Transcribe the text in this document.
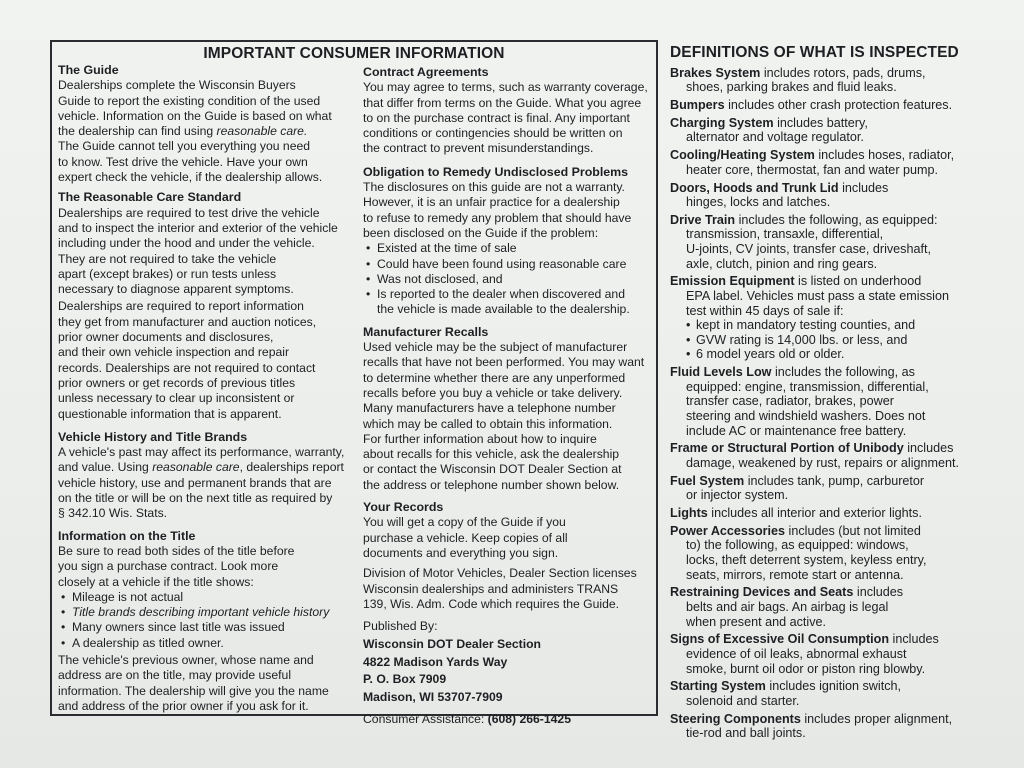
IMPORTANT CONSUMER INFORMATION

The Guide

Dealerships complete the Wisconsin Buyers

Guide to report the existing condition of the used

vehicle. Information on the Guide is based on what

the dealership can find using reasonable care.

The Guide cannot tell you everything you need

to know. Test drive the vehicle. Have your own

expert check the vehicle, if the dealership allows.

The Reasonable Care Standard

Dealerships are required to test drive the vehicle

and to inspect the interior and exterior of the vehicle

including under the hood and under the vehicle.

They are not required to take the vehicle

apart (except brakes) or run tests unless

necessary to diagnose apparent symptoms.

Dealerships are required to report information

they get from manufacturer and auction notices,

prior owner documents and disclosures,

and their own vehicle inspection and repair

records. Dealerships are not required to contact

prior owners or get records of previous titles

unless necessary to clear up inconsistent or

questionable information that is apparent.

Vehicle History and Title Brands

A vehicle's past may affect its performance, warranty,

and value. Using reasonable care, dealerships report

vehicle history, use and permanent brands that are

on the title or will be on the next title as required by

§ 342.10 Wis. Stats.

Information on the Title

Be sure to read both sides of the title before

you sign a purchase contract. Look more

closely at a vehicle if the title shows:

• Mileage is not actual
• Title brands describing important vehicle history
• Many owners since last title was issued
• A dealership as titled owner.

The vehicle's previous owner, whose name and

address are on the title, may provide useful

information. The dealership will give you the name

and address of the prior owner if you ask for it.

Contract Agreements

You may agree to terms, such as warranty coverage,

that differ from terms on the Guide. What you agree

to on the purchase contract is final. Any important

conditions or contingencies should be written on

the contract to prevent misunderstandings.

Obligation to Remedy Undisclosed Problems

The disclosures on this guide are not a warranty.

However, it is an unfair practice for a dealership

to refuse to remedy any problem that should have

been disclosed on the Guide if the problem:

• Existed at the time of sale
• Could have been found using reasonable care
• Was not disclosed, and
• Is reported to the dealer when discovered and

the vehicle is made available to the dealership.

Manufacturer Recalls

Used vehicle may be the subject of manufacturer

recalls that have not been performed. You may want

to determine whether there are any unperformed

recalls before you buy a vehicle or take delivery.

Many manufacturers have a telephone number

which may be called to obtain this information.

For further information about how to inquire

about recalls for this vehicle, ask the dealership

or contact the Wisconsin DOT Dealer Section at

the address or telephone number shown below.

Your Records

You will get a copy of the Guide if you

purchase a vehicle. Keep copies of all

documents and everything you sign.

Division of Motor Vehicles, Dealer Section licenses

Wisconsin dealerships and administers TRANS

139, Wis. Adm. Code which requires the Guide.

Published By:

Wisconsin DOT Dealer Section

4822 Madison Yards Way

P. O. Box 7909

Madison, WI 53707-7909

Consumer Assistance: (608) 266-1425

DEFINITIONS OF WHAT IS INSPECTED

Brakes System includes rotors, pads, drums,
shoes, parking brakes and fluid leaks.
Bumpers includes other crash protection features.
Charging System includes battery,
alternator and voltage regulator.
Cooling/Heating System includes hoses, radiator,
heater core, thermostat, fan and water pump.
Doors, Hoods and Trunk Lid includes
hinges, locks and latches.
Drive Train includes the following, as equipped:
transmission, transaxle, differential,
U-joints, CV joints, transfer case, driveshaft,
axle, clutch, pinion and ring gears.
Emission Equipment is listed on underhood
EPA label. Vehicles must pass a state emission
test within 45 days of sale if:
• kept in mandatory testing counties, and
• GVW rating is 14,000 lbs. or less, and
• 6 model years old or older.
Fluid Levels Low includes the following, as
equipped: engine, transmission, differential,
transfer case, radiator, brakes, power
steering and windshield washers. Does not
include AC or maintenance free battery.
Frame or Structural Portion of Unibody includes
damage, weakened by rust, repairs or alignment.
Fuel System includes tank, pump, carburetor
or injector system.
Lights includes all interior and exterior lights.
Power Accessories includes (but not limited
to) the following, as equipped: windows,
locks, theft deterrent system, keyless entry,
seats, mirrors, remote start or antenna.
Restraining Devices and Seats includes
belts and air bags. An airbag is legal
when present and active.
Signs of Excessive Oil Consumption includes
evidence of oil leaks, abnormal exhaust
smoke, burnt oil odor or piston ring blowby.
Starting System includes ignition switch,
solenoid and starter.
Steering Components includes proper alignment,
tie-rod and ball joints.
